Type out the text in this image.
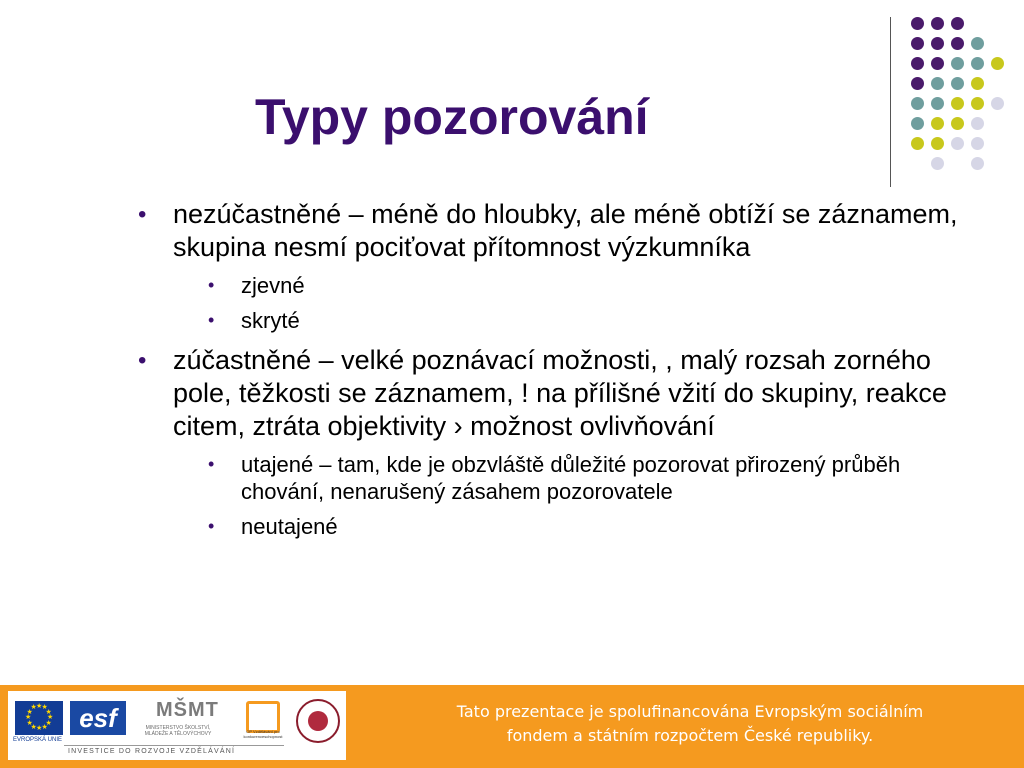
Typy pozorování
• nezúčastněné – méně do hloubky, ale méně obtíží se záznamem, skupina nesmí pociťovat přítomnost výzkumníka
• zjevné
• skryté
• zúčastněné – velké poznávací možnosti, , malý rozsah zorného pole, těžkosti se záznamem, ! na přílišné vžití do skupiny, reakce citem, ztráta objektivity › možnost ovlivňování
• utajené – tam, kde je obzvláště důležité pozorovat přirozený průběh chování, nenarušený zásahem pozorovatele
• neutajené
★
★
★
★
★
★
★
★
★ ★ ★
★
EVROPSKÁ UNIE
esf	MŠMT
MINISTERSTVO ŠKOLSTVÍ, MLÁDEŽE A TĚLOVÝCHOVY	OP Vzdělávání pro konkurenceschopnost
INVESTICE DO ROZVOJE VZDĚLÁVÁNÍ
Tato prezentace je spolufinancována Evropským sociálním
fondem a státním rozpočtem České republiky.
